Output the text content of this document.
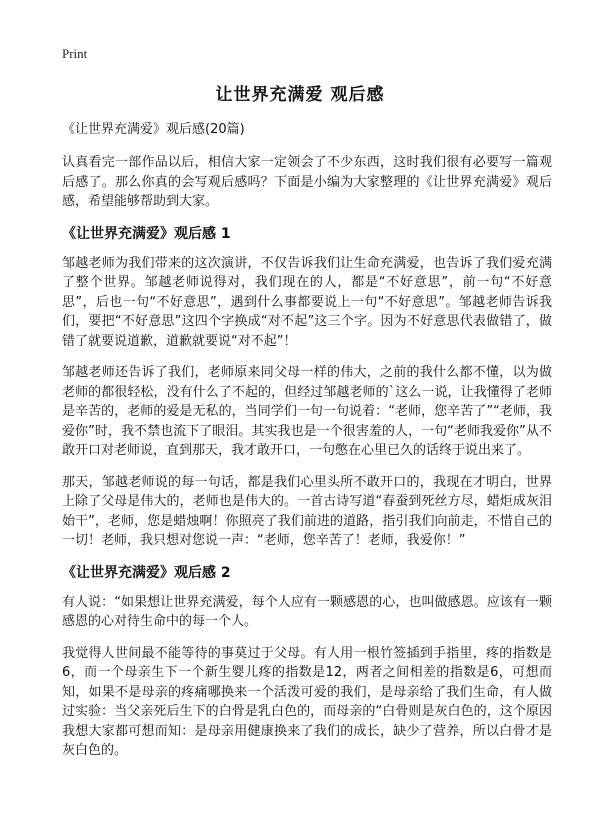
Print
让世界充满爱 观后感
《让世界充满爱》观后感(20篇)

认真看完一部作品以后，相信大家一定领会了不少东西，这时我们很有必要写一篇观后感了。那么你真的会写观后感吗？下面是小编为大家整理的《让世界充满爱》观后感，希望能够帮助到大家。

《让世界充满爱》观后感 1

邹越老师为我们带来的这次演讲，不仅告诉我们让生命充满爱，也告诉了我们爱充满了整个世界。邹越老师说得对，我们现在的人，都是“不好意思”，前一句“不好意思”，后也一句“不好意思”，遇到什么事都要说上一句“不好意思”。邹越老师告诉我们，要把“不好意思”这四个字换成“对不起”这三个字。因为不好意思代表做错了，做错了就要说道歉，道歉就要说“对不起”！

邹越老师还告诉了我们，老师原来同父母一样的伟大，之前的我什么都不懂，以为做老师的都很轻松，没有什么了不起的，但经过邹越老师的`这么一说，让我懂得了老师是辛苦的，老师的爱是无私的，当同学们一句一句说着：“老师，您辛苦了”“老师，我爱你”时，我不禁也流下了眼泪。其实我也是一个很害羞的人，一句“老师我爱你”从不敢开口对老师说，直到那天，我才敢开口，一句憋在心里已久的话终于说出来了。

那天，邹越老师说的每一句话，都是我们心里头所不敢开口的，我现在才明白，世界上除了父母是伟大的，老师也是伟大的。一首古诗写道“春蚕到死丝方尽，蜡炬成灰泪始干”，老师，您是蜡烛啊！你照亮了我们前进的道路，指引我们向前走，不惜自己的一切！老师，我只想对您说一声：“老师，您辛苦了！老师，我爱你！”

《让世界充满爱》观后感 2

有人说：“如果想让世界充满爱，每个人应有一颗感恩的心，也叫做感恩。应该有一颗感恩的心对待生命中的每一个人。

我觉得人世间最不能等待的事莫过于父母。有人用一根竹签插到手指里，疼的指数是6，而一个母亲生下一个新生婴儿疼的指数是12，两者之间相差的指数是6，可想而知，如果不是母亲的疼痛哪换来一个活泼可爱的我们，是母亲给了我们生命，有人做过实验：当父亲死后生下的白骨是乳白色的，而母亲的“白骨则是灰白色的，这个原因我想大家都可想而知：是母亲用健康换来了我们的成长，缺少了营养，所以白骨才是灰白色的。
